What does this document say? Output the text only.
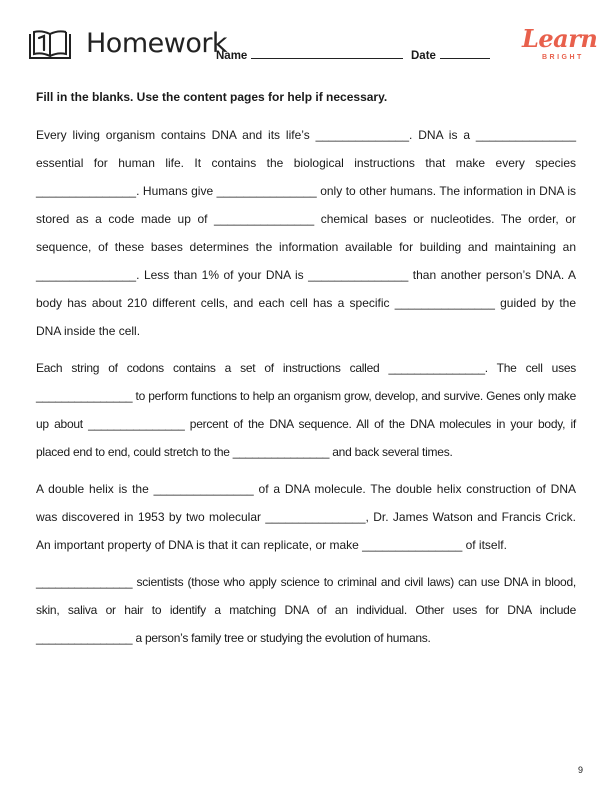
Homework
Name	Date
Learn
BRIGHT
Fill in the blanks. Use the content pages for help if necessary.

Every living organism contains DNA and its life’s ______________. DNA is a _______________ essential for human life. It contains the biological instructions that make every species _______________. Humans give _______________ only to other humans. The information in DNA is stored as a code made up of _______________ chemical bases or nucleotides. The order, or sequence, of these bases determines the information available for building and maintaining an _______________. Less than 1% of your DNA is _______________ than another person’s DNA. A body has about 210 different cells, and each cell has a specific _______________ guided by the DNA inside the cell.

Each string of codons contains a set of instructions called _______________. The cell uses _______________ to perform functions to help an organism grow, develop, and survive. Genes only make up about _______________ percent of the DNA sequence. All of the DNA molecules in your body, if placed end to end, could stretch to the _______________ and back several times.

A double helix is the _______________ of a DNA molecule. The double helix construction of DNA was discovered in 1953 by two molecular _______________, Dr. James Watson and Francis Crick. An important property of DNA is that it can replicate, or make _______________ of itself.

_______________ scientists (those who apply science to criminal and civil laws) can use DNA in blood, skin, saliva or hair to identify a matching DNA of an individual. Other uses for DNA include _______________ a person’s family tree or studying the evolution of humans.

9
